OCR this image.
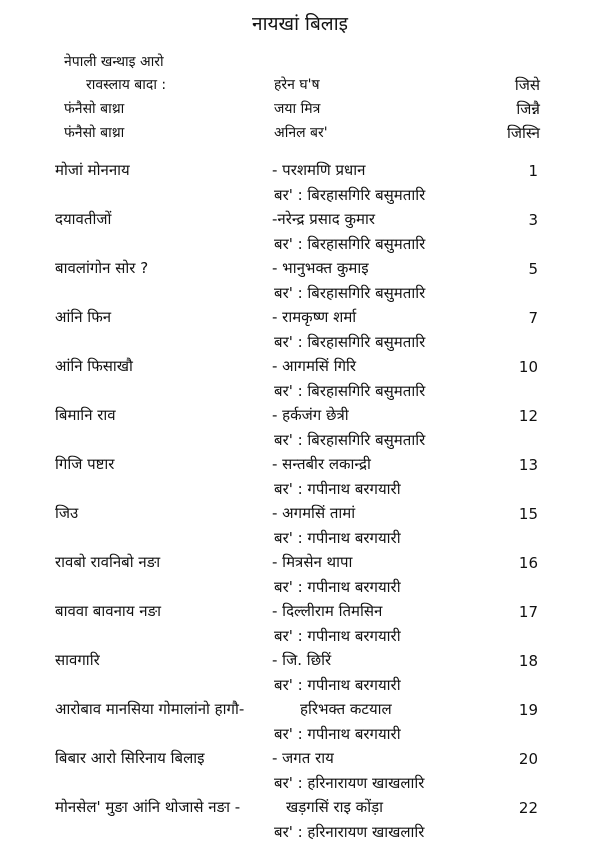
नायखां बिलाइ
नेपाली खन्थाइ आरो
रावस्लाय बादा :	हरेन घ'ष	जिसे
फंनैसो बाथ्रा	जया मित्र	जिन्नै
फंनैसो बाथ्रा	अनिल बर'	जिस्नि
मोजां मोननाय	- परशमणि प्रधान	1
बर' : बिरहासगिरि बसुमतारि
दयावतीजों	-नरेन्द्र प्रसाद कुमार	3
बर' : बिरहासगिरि बसुमतारि
बावलांगोन सोर ?	- भानुभक्त कुमाइ	5
बर' : बिरहासगिरि बसुमतारि
आंनि फिन	- रामकृष्ण शर्मा	7
बर' : बिरहासगिरि बसुमतारि
आंनि फिसाखौ	- आगमसिं गिरि	10
बर' : बिरहासगिरि बसुमतारि
बिमानि राव	- हर्कजंग छेत्री	12
बर' : बिरहासगिरि बसुमतारि
गिजि पष्टार	- सन्तबीर लकान्द्री	13
बर' : गपीनाथ बरगयारी
जिउ	- अगमसिं तामां	15
बर' : गपीनाथ बरगयारी
रावबो रावनिबो नङा	- मित्रसेन थापा	16
बर' : गपीनाथ बरगयारी
बाववा बावनाय नङा	- दिल्लीराम तिमसिन	17
बर' : गपीनाथ बरगयारी
सावगारि	- जि. छिरिं	18
बर' : गपीनाथ बरगयारी
आरोबाव मानसिया गोमालांनो हागौ-	हरिभक्त कटयाल	19
बर' : गपीनाथ बरगयारी
बिबार आरो सिरिनाय बिलाइ	- जगत राय	20
बर' : हरिनारायण खाखलारि
मोनसेल' मुङा आंनि थोजासे नङा -	खड़गसिं राइ कोंड़ा	22
बर' : हरिनारायण खाखलारि
